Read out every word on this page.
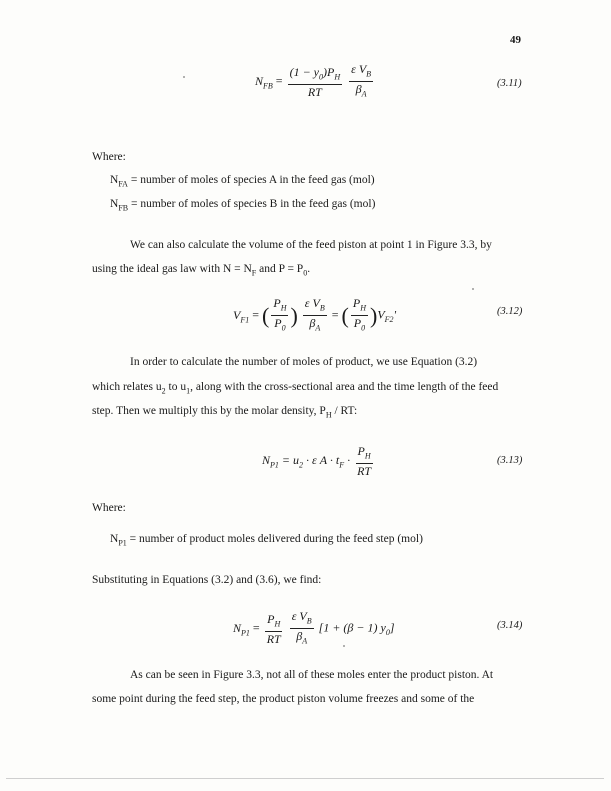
49
$N_{FB} = \frac{(1 - y_0)P_H}{RT}$
$\frac{\varepsilon V_B}{\beta_A}$	(3.11)
Where:
$N_{FA}$ = number of moles of species A in the feed gas (mol)
$N_{FB}$ = number of moles of species B in the feed gas (mol)
We can also calculate the volume of the feed piston at point 1 in Figure 3.3, by
using the ideal gas law with $N = N_F$ and $P = P_0$.
$V_{F1}$ = ( $\frac{P_H}{P_0}$ ) $\frac{\varepsilon V_B}{\beta_A}$ = ( $\frac{P_H}{P_0} )V_{F2}'$	(3.12)
In order to calculate the number of moles of product, we use Equation (3.2)
which relates $u_2$ to $u_1$, along with the cross-sectional area and the time length of the feed
step. Then we multiply this by the molar density, $P_H$ / RT:
$N_{P1} = u_2 \cdot \varepsilon$ $A \cdot t_F \cdot \frac{P_H}{RT}$	(3.13)
Where:
$N_{P1}$ = number of product moles delivered during the feed step (mol)
Substituting in Equations (3.2) and (3.6), we find:
$N_{P1} = \frac{P_H}{RT}$
$\frac{\varepsilon V_B}{\beta_A} [1 + (\beta - 1)$ $y_0$]	(3.14)
As can be seen in Figure 3.3, not all of these moles enter the product piston. At
some point during the feed step, the product piston volume freezes and some of the
